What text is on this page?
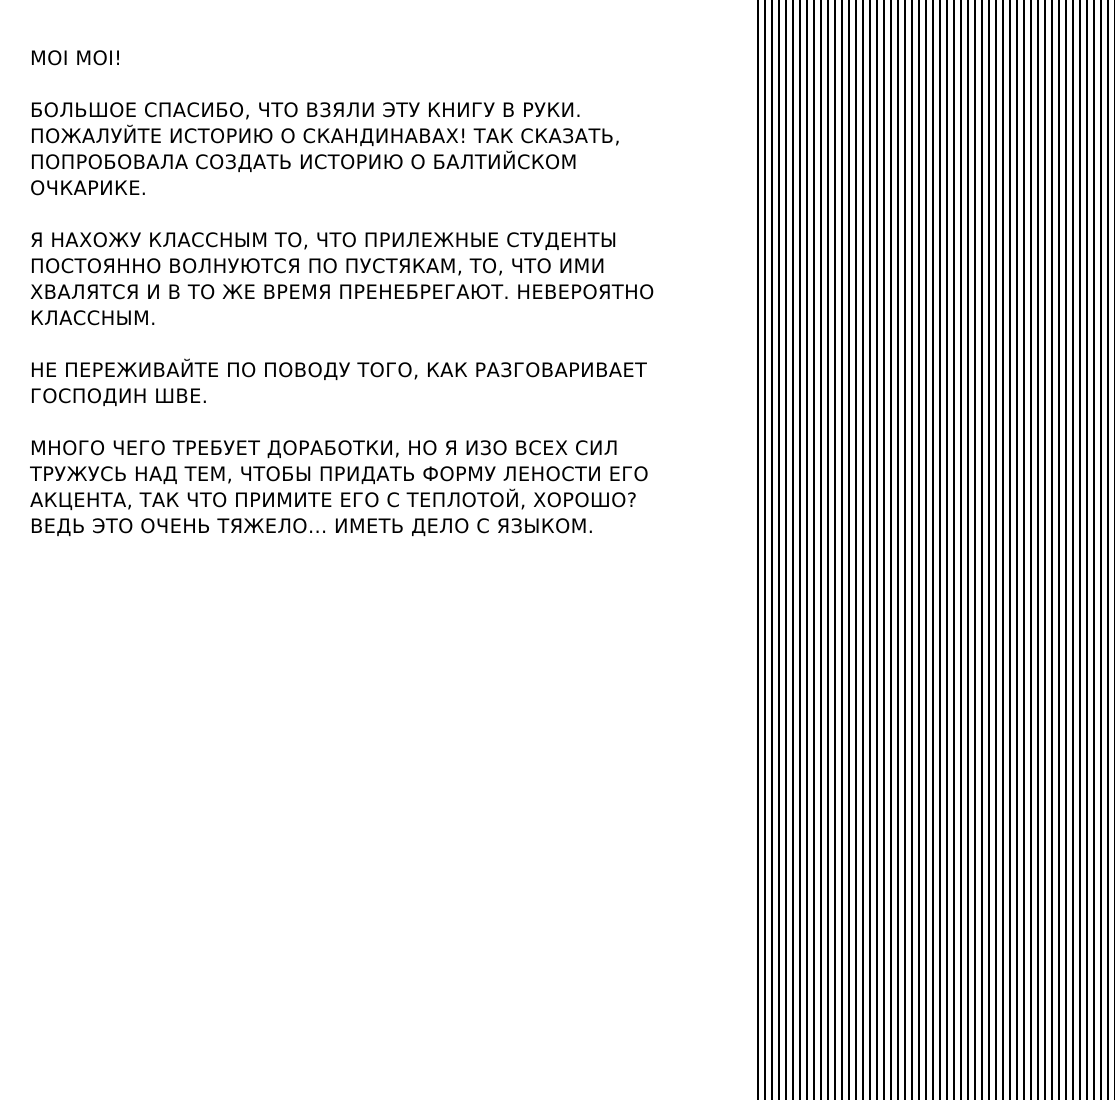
MOI MOI!

БОЛЬШОЕ СПАСИБО, ЧТО ВЗЯЛИ ЭТУ КНИГУ В РУКИ.
ПОЖАЛУЙТЕ ИСТОРИЮ О СКАНДИНАВАХ! ТАК СКАЗАТЬ,
ПОПРОБОВАЛА СОЗДАТЬ ИСТОРИЮ О БАЛТИЙСКОМ
ОЧКАРИКЕ.

Я НАХОЖУ КЛАССНЫМ ТО, ЧТО ПРИЛЕЖНЫЕ СТУДЕНТЫ
ПОСТОЯННО ВОЛНУЮТСЯ ПО ПУСТЯКАМ, ТО, ЧТО ИМИ
ХВАЛЯТСЯ И В ТО ЖЕ ВРЕМЯ ПРЕНЕБРЕГАЮТ. НЕВЕРОЯТНО
КЛАССНЫМ.

НЕ ПЕРЕЖИВАЙТЕ ПО ПОВОДУ ТОГО, КАК РАЗГОВАРИВАЕТ
ГОСПОДИН ШВЕ.

МНОГО ЧЕГО ТРЕБУЕТ ДОРАБОТКИ, НО Я ИЗО ВСЕХ СИЛ
ТРУЖУСЬ НАД ТЕМ, ЧТОБЫ ПРИДАТЬ ФОРМУ ЛЕНОСТИ ЕГО
АКЦЕНТА, ТАК ЧТО ПРИМИТЕ ЕГО С ТЕПЛОТОЙ, ХОРОШО?
ВЕДЬ ЭТО ОЧЕНЬ ТЯЖЕЛО... ИМЕТЬ ДЕЛО С ЯЗЫКОМ.
